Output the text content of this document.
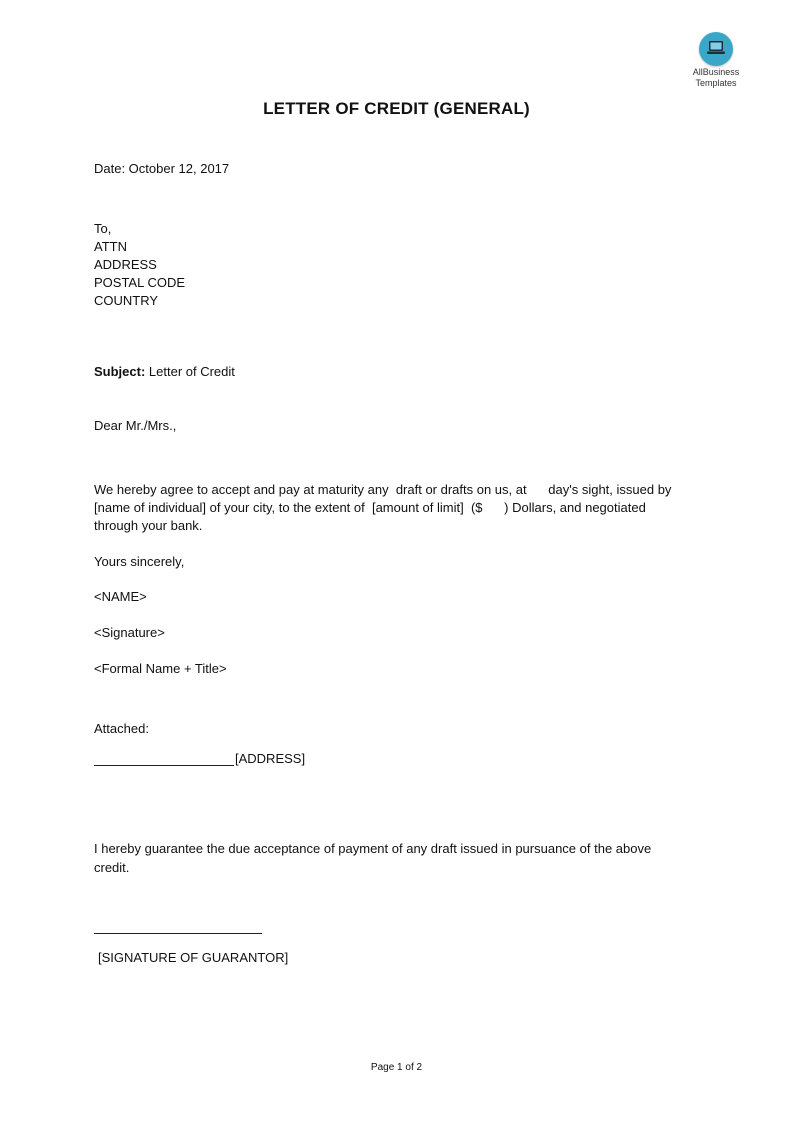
AllBusiness
Templates
LETTER OF CREDIT (GENERAL)
Date: October 12, 2017
To,
ATTN
ADDRESS
POSTAL CODE
COUNTRY
Subject: Letter of Credit
Dear Mr./Mrs.,
We hereby agree to accept and pay at maturity any  draft or drafts on us, at      day's sight, issued by
[name of individual] of your city, to the extent of  [amount of limit]  ($      ) Dollars, and negotiated
through your bank.
Yours sincerely,
<NAME>
<Signature>
<Formal Name + Title>
Attached:
[ADDRESS]
I hereby guarantee the due acceptance of payment of any draft issued in pursuance of the above
credit.
[SIGNATURE OF GUARANTOR]
Page 1 of 2
